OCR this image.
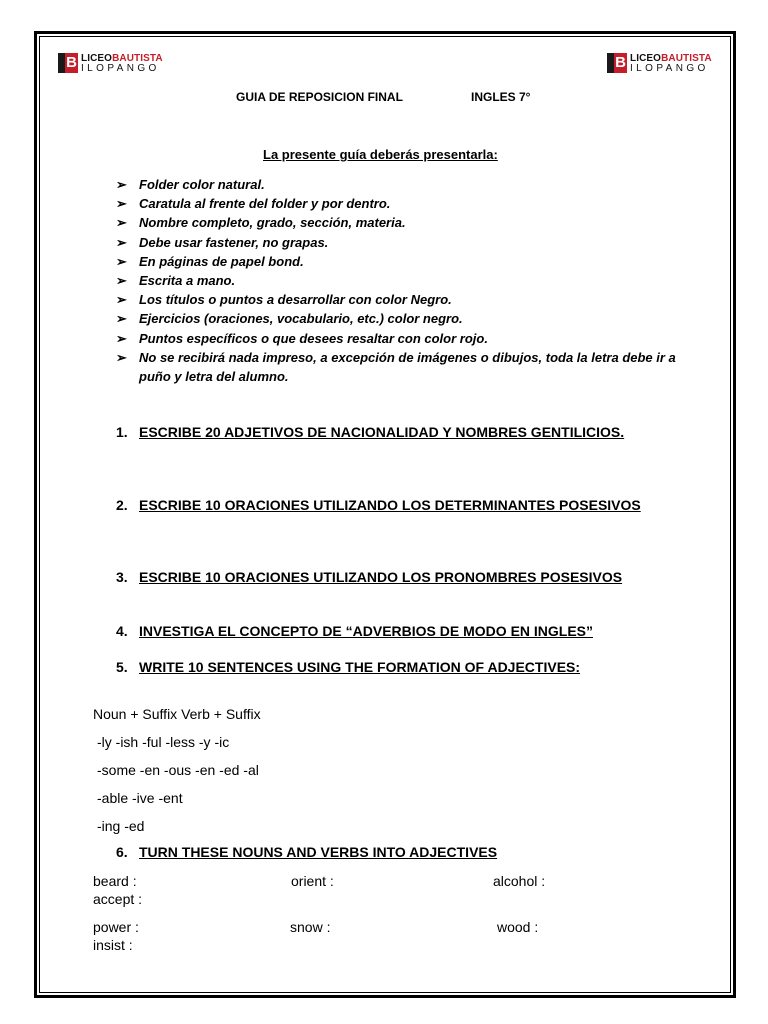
B LICEOBAUTISTA
ILOPANGO	B LICEOBAUTISTA
ILOPANGO
GUIA DE REPOSICION FINAL	INGLES 7°
La presente guía deberás presentarla:
➢ Folder color natural.
➢ Caratula al frente del folder y por dentro.
➢ Nombre completo, grado, sección, materia.
➢ Debe usar fastener, no grapas.
➢ En páginas de papel bond.
➢ Escrita a mano.
➢ Los títulos o puntos a desarrollar con color Negro.
➢ Ejercicios (oraciones, vocabulario, etc.) color negro.
➢ Puntos específicos o que desees resaltar con color rojo.
➢ No se recibirá nada impreso, a excepción de imágenes o dibujos, toda la letra debe ir a puño y letra del alumno.
1. ESCRIBE 20 ADJETIVOS DE NACIONALIDAD Y NOMBRES GENTILICIOS.
2. ESCRIBE 10 ORACIONES UTILIZANDO LOS DETERMINANTES POSESIVOS
3. ESCRIBE 10 ORACIONES UTILIZANDO LOS PRONOMBRES POSESIVOS
4. INVESTIGA EL CONCEPTO DE “ADVERBIOS DE MODO EN INGLES”
5. WRITE 10 SENTENCES USING THE FORMATION OF ADJECTIVES:
Noun + Suffix Verb + Suffix
-ly -ish -ful -less -y -ic
-some -en -ous -en -ed -al
-able -ive -ent
-ing -ed
6. TURN THESE NOUNS AND VERBS INTO ADJECTIVES
beard :	orient :	alcohol :
accept :
power :	snow :	wood :
insist :
